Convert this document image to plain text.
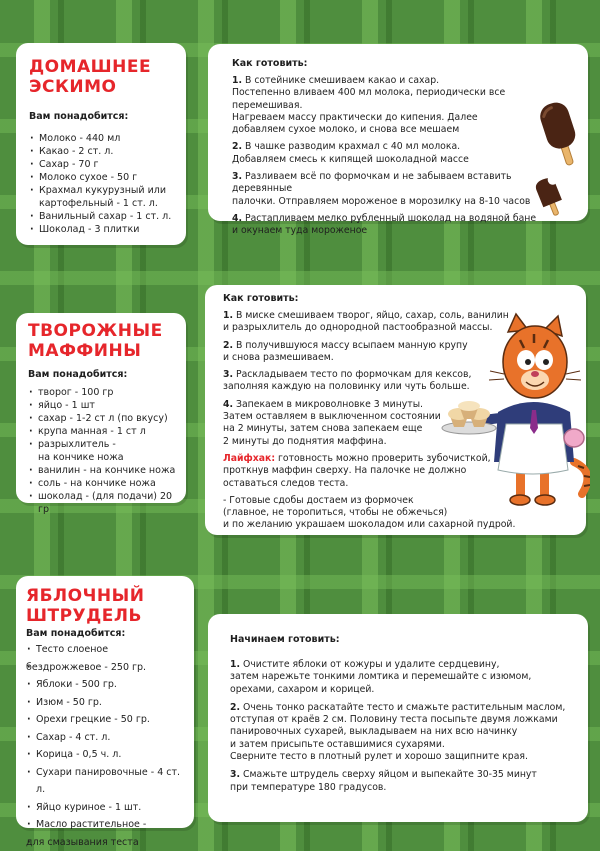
ДОМАШНЕЕ
ЭСКИМО

Вам понадобится:

· Молоко - 440 мл
· Какао - 2 ст. л.
· Сахар - 70 г
· Молоко сухое - 50 г
· Крахмал кукурузный или
картофельный - 1 ст. л.
· Ванильный сахар - 1 ст. л.
· Шоколад - 3 плитки

Как готовить:

1. В сотейнике смешиваем какао и сахар.
Постепенно вливаем 400 мл молока, периодически все перемешивая.
Нагреваем массу практически до кипения. Далее
добавляем сухое молоко, и снова все мешаем

2. В чашке разводим крахмал с 40 мл молока.
Добавляем смесь к кипящей шоколадной массе

3. Разливаем всё по формочкам и не забываем вставить деревянные
палочки. Отправляем мороженое в морозилку на 8-10 часов

4. Растапливаем мелко рубленный шоколад на водяной бане
и окунаем туда мороженое

ТВОРОЖНЫЕ
МАФФИНЫ

Вам понадобится:

· творог - 100 гр
· яйцо - 1 шт
· сахар - 1-2 ст л (по вкусу)
· крупа манная - 1 ст л
· разрыхлитель -
на кончике ножа
· ванилин - на кончике ножа
· соль - на кончике ножа
· шоколад - (для подачи) 20 гр

Как готовить:

1. В миске смешиваем творог, яйцо, сахар, соль, ванилин
и разрыхлитель до однородной пастообразной массы.

2. В получившуюся массу всыпаем манную крупу
и снова размешиваем.

3. Раскладываем тесто по формочкам для кексов,
заполняя каждую на половинку или чуть больше.

4. Запекаем в микроволновке 3 минуты.
Затем оставляем в выключенном состоянии
на 2 минуты, затем снова запекаем еще
2 минуты до поднятия маффина.

Лайфхак: готовность можно проверить зубочисткой,
проткнув маффин сверху. На палочке не должно
оставаться следов теста.

- Готовые сдобы достаем из формочек
(главное, не торопиться, чтобы не обжечься)
и по желанию украшаем шоколадом или сахарной пудрой.

ЯБЛОЧНЫЙ
ШТРУДЕЛЬ

Вам понадобится:

· Тесто слоеное
· бездрожжевое - 250 гр.
· Яблоки - 500 гр.
· Изюм - 50 гр.
· Орехи грецкие - 50 гр.
· Сахар - 4 ст. л.
· Корица - 0,5 ч. л.
· Сухари панировочные - 4 ст. л.
· Яйцо куриное - 1 шт.
· Масло растительное -
· для смазывания теста

Начинаем готовить:

1. Очистите яблоки от кожуры и удалите сердцевину,
затем нарежьте тонкими ломтика и перемешайте с изюмом,
орехами, сахаром и корицей.

2. Очень тонко раскатайте тесто и смажьте растительным маслом,
отступая от краёв 2 см. Половину теста посыпьте двумя ложками
панировочных сухарей, выкладываем на них всю начинку
и затем присыпьте оставшимися сухарями.
Сверните тесто в плотный рулет и хорошо защипните края.

3. Смажьте штрудель сверху яйцом и выпекайте 30-35 минут
при температуре 180 градусов.
